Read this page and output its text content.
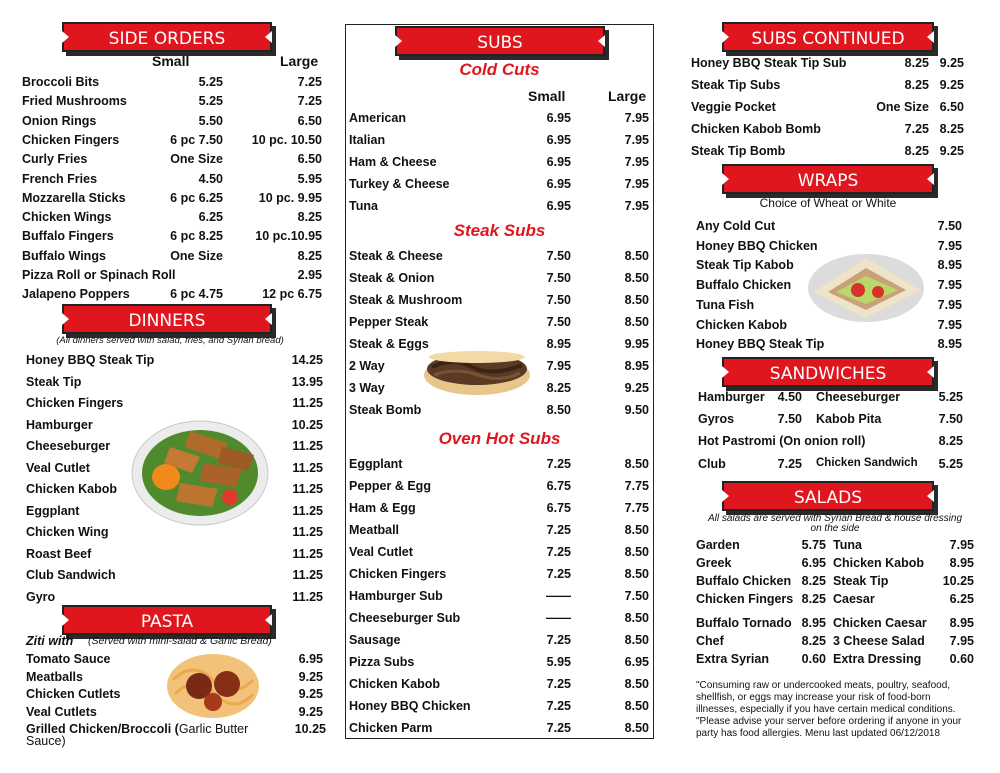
SIDE ORDERS
Small	Large
Broccoli Bits	5.25	7.25
Fried Mushrooms	5.25	7.25
Onion Rings	5.50	6.50
Chicken Fingers	6 pc 7.50 10 pc. 10.50
Curly Fries	One Size	6.50
French Fries	4.50	5.95
Mozzarella Sticks	6 pc 6.25	10 pc. 9.95
Chicken Wings	6.25	8.25
Buffalo Fingers	6 pc 8.25	10 pc.10.95
Buffalo Wings	One Size	8.25
Pizza Roll or Spinach Roll	2.95
Jalapeno Poppers	6 pc 4.75	12 pc 6.75
DINNERS
(All dinners served with salad, fries, and Syrian bread)
Honey BBQ Steak Tip	14.25
Steak Tip	13.95
Chicken Fingers	11.25
Hamburger	10.25
Cheeseburger	11.25
Veal Cutlet	11.25
Chicken Kabob	11.25
Eggplant	11.25
Chicken Wing	11.25
Roast Beef	11.25
Club Sandwich	11.25
Gyro	11.25
PASTA
Ziti with (Served with mini-salad & Garlic Bread)
Tomato Sauce	6.95
Meatballs	9.25
Chicken Cutlets	9.25
Veal Cutlets	9.25
Grilled Chicken/Broccoli (Garlic Butter	10.25
Sauce)
SUBS
Cold Cuts
Small	Large
American	6.95	7.95
Italian	6.95	7.95
Ham & Cheese	6.95	7.95
Turkey & Cheese	6.95	7.95
Tuna	6.95	7.95
Steak Subs
Steak & Cheese	7.50	8.50
Steak & Onion	7.50	8.50
Steak & Mushroom	7.50	8.50
Pepper Steak	7.50	8.50
Steak & Eggs	8.95	9.95
2 Way	7.95	8.95
3 Way	8.25	9.25
Steak Bomb	8.50	9.50
Oven Hot Subs
Eggplant	7.25	8.50
Pepper & Egg	6.75	7.75
Ham & Egg	6.75	7.75
Meatball	7.25	8.50
Veal Cutlet	7.25	8.50
Chicken Fingers	7.25	8.50
Hamburger Sub	——	7.50
Cheeseburger Sub	——	8.50
Sausage	7.25	8.50
Pizza Subs	5.95	6.95
Chicken Kabob	7.25	8.50
Honey BBQ Chicken	7.25	8.50
Chicken Parm	7.25	8.50
SUBS CONTINUED
Honey BBQ Steak Tip Sub	8.25 9.25
Steak Tip Subs	8.25 9.25
Veggie Pocket	One Size 6.50
Chicken Kabob Bomb	7.25 8.25
Steak Tip Bomb	8.25 9.25
WRAPS
Choice of Wheat or White
Any Cold Cut	7.50
Honey BBQ Chicken	7.95
Steak Tip Kabob	8.95
Buffalo Chicken	7.95
Tuna Fish	7.95
Chicken Kabob	7.95
Honey BBQ Steak Tip	8.95
SANDWICHES
Hamburger 4.50 Cheeseburger	5.25
Gyros	7.50 Kabob Pita	7.50
Club	7.25 Chicken Sandwich 5.25
Hot Pastromi (On onion roll)	8.25
SALADS
All salads are served with Syrian Bread & house dressing
on the side
Garden	5.75 Tuna	7.95
Greek	6.95 Chicken Kabob 8.95
Buffalo Chicken 8.25 Steak Tip	10.25
Chicken Fingers 8.25 Caesar	6.25
Buffalo Tornado 8.95 Chicken Caesar 8.95
Chef	8.25 3 Cheese Salad 7.95
Extra Syrian	0.60 Extra Dressing 0.60
"Consuming raw or undercooked meats, poultry, seafood,
shellfish, or eggs may increase your risk of food-born
illnesses, especially if you have certain medical conditions.
"Please advise your server before ordering if anyone in your
party has food allergies. Menu last updated 06/12/2018
